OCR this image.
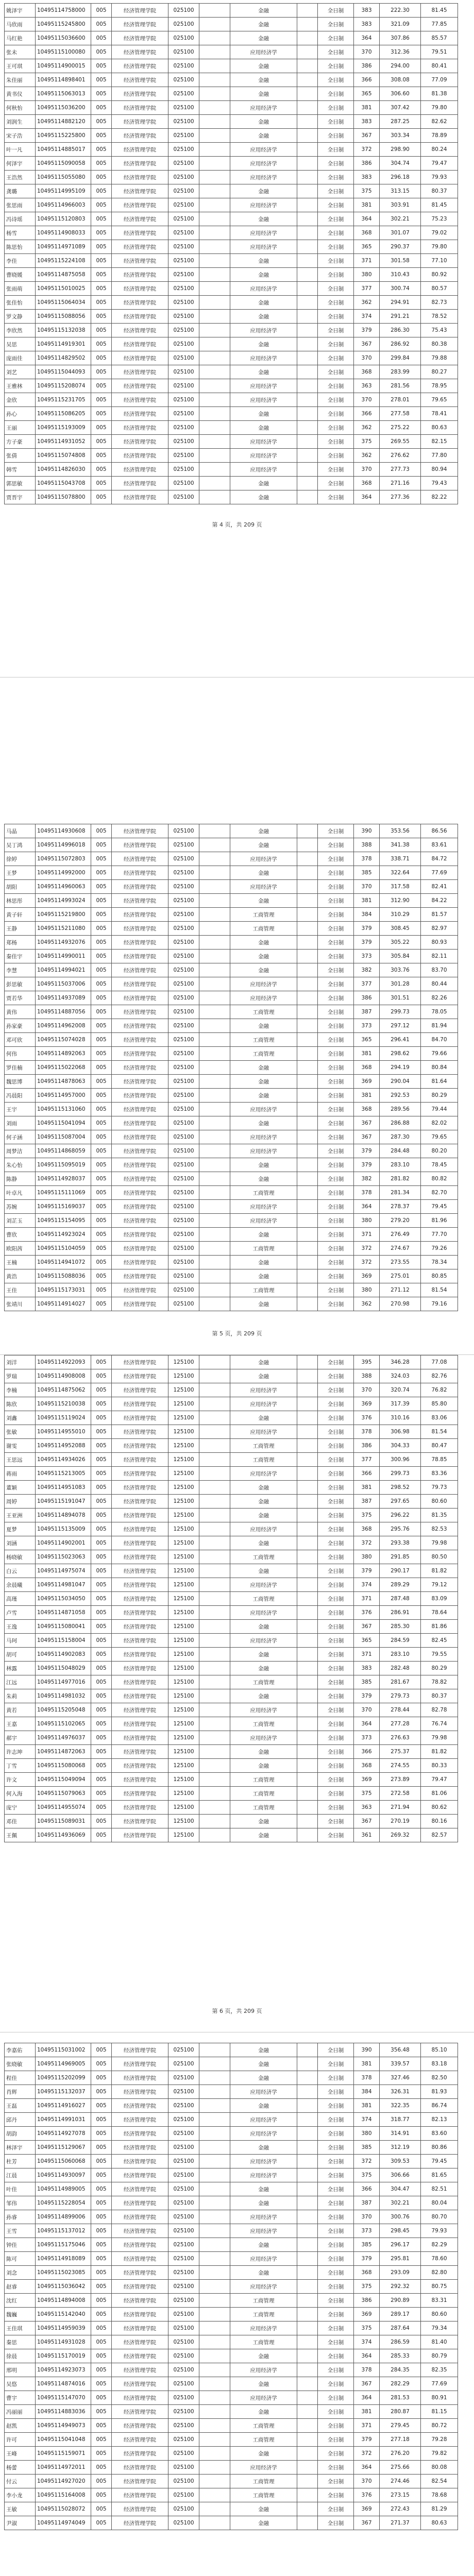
姚泽宇	10495114758000	005	经济管理学院	025100		金融		全日制	383	222.30	81.45
马欣雨	10495115245800	005	经济管理学院	025100		金融		全日制	383	321.09	77.85
马红艳	10495115036600	005	经济管理学院	025100		金融		全日制	364	307.86	85.57
张未	10495115100080	005	经济管理学院	025100		应用经济学		全日制	370	312.36	79.51
王可琪	10495114900015	005	经济管理学院	025100		金融		全日制	386	294.00	80.41
朱佳丽	10495114898401	005	经济管理学院	025100		金融		全日制	366	308.08	77.09
黄书仪	10495115063013	005	经济管理学院	025100		金融		全日制	365	306.60	81.38
何秋怡	10495115036200	005	经济管理学院	025100		应用经济学		全日制	381	307.42	79.80
刘润生	10495114882120	005	经济管理学院	025100		金融		全日制	383	287.25	82.62
宋子浩	10495115225800	005	经济管理学院	025100		金融		全日制	367	303.34	78.89
叶一凡	10495114885017	005	经济管理学院	025100		应用经济学		全日制	372	298.90	80.24
何泽宇	10495115090058	005	经济管理学院	025100		应用经济学		全日制	386	304.74	79.47
王浩然	10495115055080	005	经济管理学院	025100		应用经济学		全日制	383	296.18	79.93
龚璐	10495114995109	005	经济管理学院	025100		金融		全日制	375	313.15	80.37
张思雨	10495114966003	005	经济管理学院	025100		应用经济学		全日制	381	303.91	81.45
冯诗瑶	10495115120803	005	经济管理学院	025100		金融		全日制	364	302.21	75.23
杨雪	10495114908033	005	经济管理学院	025100		应用经济学		全日制	368	301.07	79.02
陈思怡	10495114971089	005	经济管理学院	025100		应用经济学		全日制	365	290.37	79.80
李佳	10495115224108	005	经济管理学院	025100		金融		全日制	371	301.58	77.10
曹晓媛	10495114875058	005	经济管理学院	025100		金融		全日制	380	310.43	80.92
张雨萌	10495115010025	005	经济管理学院	025100		应用经济学		全日制	377	300.74	80.57
张佳怡	10495115064034	005	经济管理学院	025100		金融		全日制	362	294.91	82.73
罗文静	10495115088056	005	经济管理学院	025100		金融		全日制	374	291.21	78.52
李欣然	10495115132038	005	经济管理学院	025100		应用经济学		全日制	379	286.30	75.43
吴思	10495114919301	005	经济管理学院	025100		金融		全日制	367	286.92	80.38
庞雨佳	10495114829502	005	经济管理学院	025100		应用经济学		全日制	370	299.84	79.88
刘艺	10495115044093	005	经济管理学院	025100		金融		全日制	368	283.99	80.27
王雅林	10495115208074	005	经济管理学院	025100		应用经济学		全日制	363	281.56	78.95
金欣	10495115231705	005	经济管理学院	025100		应用经济学		全日制	370	278.01	79.65
孙心	10495115086205	005	经济管理学院	025100		金融		全日制	366	277.58	78.41
王丽	10495115193009	005	经济管理学院	025100		金融		全日制	362	275.22	80.63
方子豪	10495114931052	005	经济管理学院	025100		应用经济学		全日制	375	269.55	82.15
张倩	10495115074808	005	经济管理学院	025100		应用经济学		全日制	362	276.62	77.80
韩雪	10495114826030	005	经济管理学院	025100		应用经济学		全日制	370	277.73	80.94
郭思敏	10495115043708	005	经济管理学院	025100		金融		全日制	368	271.16	79.43
贾晋宇	10495115078800	005	经济管理学院	025100		金融		全日制	364	277.36	82.22
第 4 页，共 209 页
马晶	10495114930608	005	经济管理学院	025100		金融		全日制	390	353.56	86.56
吴丁鸿	10495114996018	005	经济管理学院	025100		金融		全日制	388	341.38	83.61
徐婷	10495115072803	005	经济管理学院	025100		应用经济学		全日制	378	338.71	84.72
王梦	10495114992000	005	经济管理学院	025100		金融		全日制	385	322.64	77.69
胡阳	10495114960063	005	经济管理学院	025100		应用经济学		全日制	370	317.58	82.41
林思彤	10495114993024	005	经济管理学院	025100		金融		全日制	381	312.90	84.22
黄子轩	10495115219800	005	经济管理学院	025100		工商管理		全日制	384	310.29	81.57
王静	10495115211080	005	经济管理学院	025100		工商管理		全日制	379	308.45	82.97
郑杨	10495114932076	005	经济管理学院	025100		金融		全日制	379	305.22	80.93
秦佳宇	10495114990011	005	经济管理学院	025100		金融		全日制	373	305.84	82.11
李慧	10495114994021	005	经济管理学院	025100		金融		全日制	382	303.76	83.70
彭思敏	10495115037006	005	经济管理学院	025100		应用经济学		全日制	377	301.28	80.44
贾若华	10495114937089	005	经济管理学院	025100		应用经济学		全日制	386	301.51	82.26
黄伟	10495114887056	005	经济管理学院	025100		工商管理		全日制	387	299.73	78.05
孙家豪	10495114962008	005	经济管理学院	025100		金融		全日制	373	297.12	81.94
邓可欣	10495115074028	005	经济管理学院	025100		工商管理		全日制	365	296.41	84.70
何伟	10495114892063	005	经济管理学院	025100		工商管理		全日制	381	298.62	79.66
罗佳楠	10495115022068	005	经济管理学院	025100		金融		全日制	368	294.19	80.84
魏思博	10495114878063	005	经济管理学院	025100		金融		全日制	369	290.04	81.64
冯晨阳	10495114957000	005	经济管理学院	025100		金融		全日制	381	292.53	80.29
王宇	10495115131060	005	经济管理学院	025100		应用经济学		全日制	368	289.56	79.44
刘雨	10495115041094	005	经济管理学院	025100		金融		全日制	367	286.88	82.02
何子涵	10495115087004	005	经济管理学院	025100		应用经济学		全日制	367	287.30	79.65
周梦洁	10495114868059	005	经济管理学院	025100		应用经济学		全日制	379	284.48	80.20
朱心怡	10495115095019	005	经济管理学院	025100		金融		全日制	379	283.10	78.45
陈静	10495114928037	005	经济管理学院	025100		金融		全日制	382	281.82	80.82
叶卓凡	10495115111069	005	经济管理学院	025100		工商管理		全日制	378	281.34	82.70
苏婉	10495115169037	005	经济管理学院	025100		应用经济学		全日制	364	278.37	79.45
刘芷玉	10495115154095	005	经济管理学院	025100		应用经济学		全日制	380	279.20	81.96
曹欣	10495114923024	005	经济管理学院	025100		金融		全日制	371	276.49	77.70
欧阳茜	10495115104059	005	经济管理学院	025100		工商管理		全日制	372	274.67	79.26
王楠	10495114941072	005	经济管理学院	025100		金融		全日制	372	273.55	78.34
黄浩	10495115088036	005	经济管理学院	025100		金融		全日制	369	275.01	80.85
王佳	10495115173031	005	经济管理学院	025100		工商管理		全日制	380	271.12	81.54
张靖川	10495114914027	005	经济管理学院	025100		金融		全日制	362	270.98	79.16
第 5 页，共 209 页
刘洋	10495114922093	005	经济管理学院	125100		金融		全日制	395	346.28	77.08
罗瑞	10495114908008	005	经济管理学院	125100		金融		全日制	388	324.03	82.76
李楠	10495114875062	005	经济管理学院	125100		应用经济学		全日制	370	320.74	76.82
陈欣	10495115210038	005	经济管理学院	125100		应用经济学		全日制	369	317.39	85.80
刘鑫	10495115119024	005	经济管理学院	125100		金融		全日制	376	310.16	83.06
张敏	10495114955010	005	经济管理学院	125100		应用经济学		全日制	378	306.98	81.54
谢雯	10495114952088	005	经济管理学院	125100		工商管理		全日制	386	304.33	80.47
王思远	10495114934026	005	经济管理学院	125100		工商管理		全日制	377	300.96	78.85
蒋雨	10495115213005	005	经济管理学院	125100		应用经济学		全日制	366	299.73	83.36
董颖	10495114951083	005	经济管理学院	125100		金融		全日制	381	298.52	79.73
周婷	10495115191047	005	经济管理学院	125100		金融		全日制	387	297.65	80.60
王亚洲	10495114894078	005	经济管理学院	125100		金融		全日制	375	296.22	81.35
夏梦	10495115135009	005	经济管理学院	125100		应用经济学		全日制	368	295.76	82.53
刘涵	10495114902001	005	经济管理学院	125100		金融		全日制	372	293.38	79.98
杨晓敏	10495115023063	005	经济管理学院	125100		工商管理		全日制	380	291.85	80.50
白云	10495114975074	005	经济管理学院	125100		金融		全日制	379	290.17	81.82
余晨曦	10495114981047	005	经济管理学院	125100		应用经济学		全日制	374	289.29	79.12
高瑾	10495115034050	005	经济管理学院	125100		工商管理		全日制	371	287.48	83.09
卢雪	10495114871058	005	经济管理学院	125100		应用经济学		全日制	376	286.91	78.64
王逸	10495115080041	005	经济管理学院	125100		金融		全日制	367	285.30	81.86
马珂	10495115158004	005	经济管理学院	125100		应用经济学		全日制	365	284.59	82.45
胡可	10495114902083	005	经济管理学院	125100		金融		全日制	371	283.10	79.55
林露	10495115048029	005	经济管理学院	125100		金融		全日制	383	282.48	80.29
江远	10495114977016	005	经济管理学院	125100		工商管理		全日制	385	281.67	78.82
朱莉	10495114981032	005	经济管理学院	125100		金融		全日制	379	279.73	80.37
黄若	10495115205048	005	经济管理学院	125100		应用经济学		全日制	370	278.44	82.78
王嘉	10495115102065	005	经济管理学院	125100		工商管理		全日制	364	277.28	76.74
郝宇	10495114976037	005	经济管理学院	125100		应用经济学		全日制	373	276.63	79.98
许志坤	10495114872063	005	经济管理学院	125100		金融		全日制	366	275.37	81.82
丁雪	10495115080068	005	经济管理学院	125100		金融		全日制	368	274.55	80.33
许文	10495115049094	005	经济管理学院	125100		工商管理		全日制	369	273.89	79.47
何入海	10495115079063	005	经济管理学院	125100		工商管理		全日制	375	272.58	81.06
庞宁	10495114955074	005	经济管理学院	125100		工商管理		全日制	363	271.94	80.62
邓佳	10495115089031	005	经济管理学院	125100		金融		全日制	367	270.19	80.16
王佩	10495114936069	005	经济管理学院	125100		金融		全日制	361	269.32	82.57
第 6 页，共 209 页
李嘉佑	10495115031002	005	经济管理学院	025100		金融		全日制	390	356.48	85.10
张晓敏	10495114969005	005	经济管理学院	025100		金融		全日制	381	339.57	83.18
程佳	10495115202099	005	经济管理学院	025100		金融		全日制	378	327.46	82.50
肖辉	10495115132037	005	经济管理学院	025100		应用经济学		全日制	384	326.31	81.93
王磊	10495114916027	005	经济管理学院	025100		金融		全日制	381	322.35	86.74
邱丹	10495114991031	005	经济管理学院	025100		应用经济学		全日制	374	318.77	82.13
胡韵	10495114927078	005	经济管理学院	025100		应用经济学		全日制	380	314.91	83.60
林泽宇	10495115129067	005	经济管理学院	025100		金融		全日制	385	312.19	80.86
杜芳	10495115060068	005	经济管理学院	025100		应用经济学		全日制	372	309.53	79.45
江晨	10495114930097	005	经济管理学院	025100		应用经济学		全日制	375	306.66	81.65
叶佳	10495114989005	005	经济管理学院	025100		金融		全日制	366	304.47	82.51
邹伟	10495115228054	005	经济管理学院	025100		金融		全日制	387	302.21	80.04
孙睿	10495114899006	005	经济管理学院	025100		应用经济学		全日制	370	300.76	80.70
王雪	10495115137012	005	经济管理学院	025100		应用经济学		全日制	373	298.45	79.93
钟佳	10495115175046	005	经济管理学院	025100		金融		全日制	385	296.17	82.29
陈可	10495114918089	005	经济管理学院	025100		应用经济学		全日制	379	295.81	78.60
刘念	10495115023085	005	经济管理学院	025100		金融		全日制	368	293.09	82.80
赵睿	10495115036042	005	经济管理学院	025100		应用经济学		全日制	375	292.32	80.75
沈红	10495114894008	005	经济管理学院	025100		工商管理		全日制	386	290.89	83.31
魏巍	10495115142040	005	经济管理学院	025100		工商管理		全日制	369	289.17	80.60
王佳琪	10495114959039	005	经济管理学院	025100		应用经济学		全日制	375	287.64	79.34
秦思	10495114931028	005	经济管理学院	025100		工商管理		全日制	374	286.59	81.40
徐晨	10495115170019	005	经济管理学院	025100		金融		全日制	364	285.33	80.79
邢明	10495114923073	005	经济管理学院	025100		应用经济学		全日制	378	284.35	82.35
吴悠	10495114874016	005	经济管理学院	025100		金融		全日制	367	282.29	77.69
曹宇	10495115147070	005	经济管理学院	025100		应用经济学		全日制	364	281.53	80.91
冯丽丽	10495114883036	005	经济管理学院	025100		金融		全日制	381	280.87	81.15
赵凯	10495114949073	005	经济管理学院	025100		工商管理		全日制	371	279.45	80.72
许可	10495115041048	005	经济管理学院	025100		工商管理		全日制	379	277.18	79.28
王峰	10495115159071	005	经济管理学院	025100		金融		全日制	372	276.20	79.82
杨蕾	10495114972011	005	经济管理学院	025100		应用经济学		全日制	364	275.66	80.08
付云	10495114927020	005	经济管理学院	025100		工商管理		全日制	370	274.46	82.54
李小龙	10495115164008	005	经济管理学院	025100		工商管理		全日制	376	273.15	78.68
王敏	10495115028072	005	经济管理学院	025100		金融		全日制	369	272.43	81.29
尹淑	10495114974049	005	经济管理学院	025100		金融		全日制	367	271.37	80.63
